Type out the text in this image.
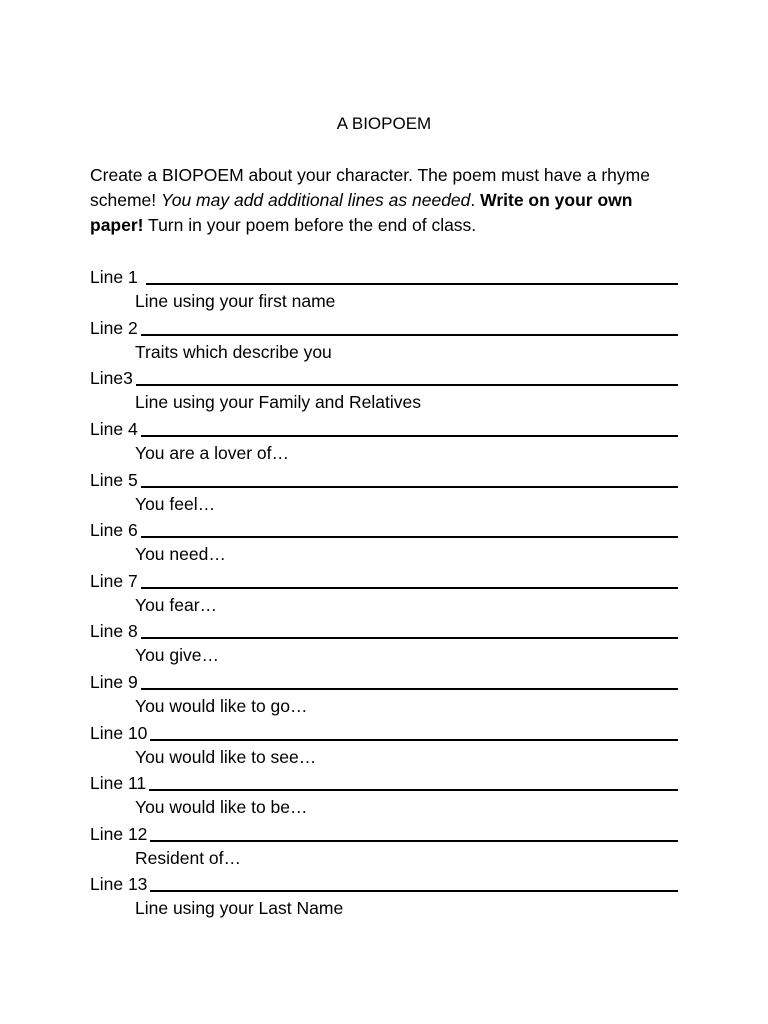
A BIOPOEM
Create a BIOPOEM about your character. The poem must have a rhyme scheme! You may add additional lines as needed. Write on your own paper! Turn in your poem before the end of class.
Line 1
Line using your first name
Line 2
Traits which describe you
Line3
Line using your Family and Relatives
Line 4
You are a lover of…
Line 5
You feel…
Line 6
You need…
Line 7
You fear…
Line 8
You give…
Line 9
You would like to go…
Line 10
You would like to see…
Line 11
You would like to be…
Line 12
Resident of…
Line 13
Line using your Last Name
